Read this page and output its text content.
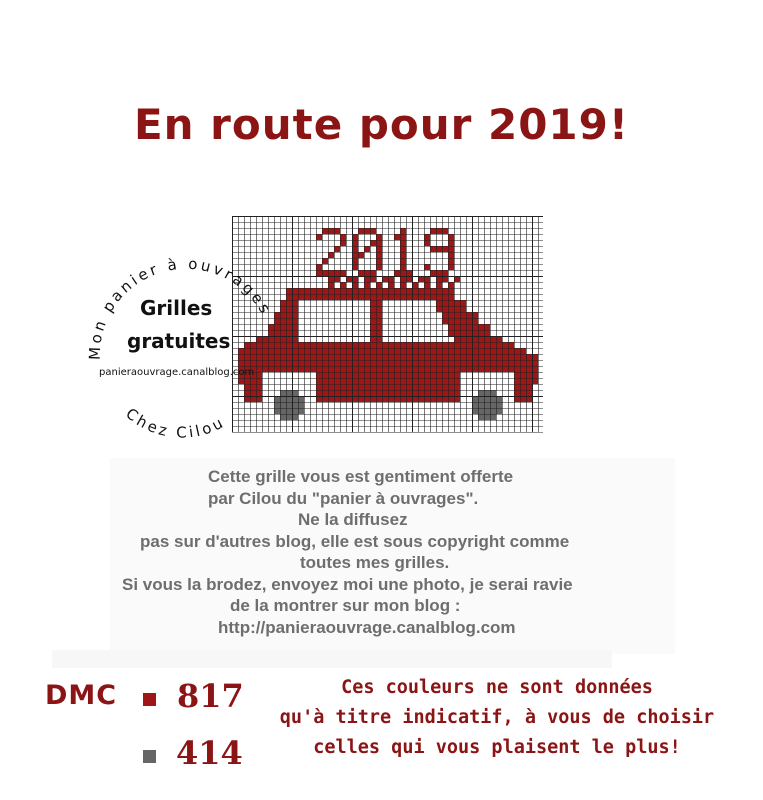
En route pour 2019!
Mon panier à ouvrages
Chez Cilou
Grilles
gratuites
panieraouvrage.canalblog.com
Cette grille vous est gentiment offerte
par Cilou du "panier à ouvrages".
Ne la diffusez
pas sur d'autres blog, elle est sous copyright comme
toutes mes grilles.
Si vous la brodez, envoyez moi une photo, je serai ravie
de la montrer sur mon blog :
http://panieraouvrage.canalblog.com
DMC 817
414
Ces couleurs ne sont données
qu'à titre indicatif, à vous de choisir
celles qui vous plaisent le plus!
